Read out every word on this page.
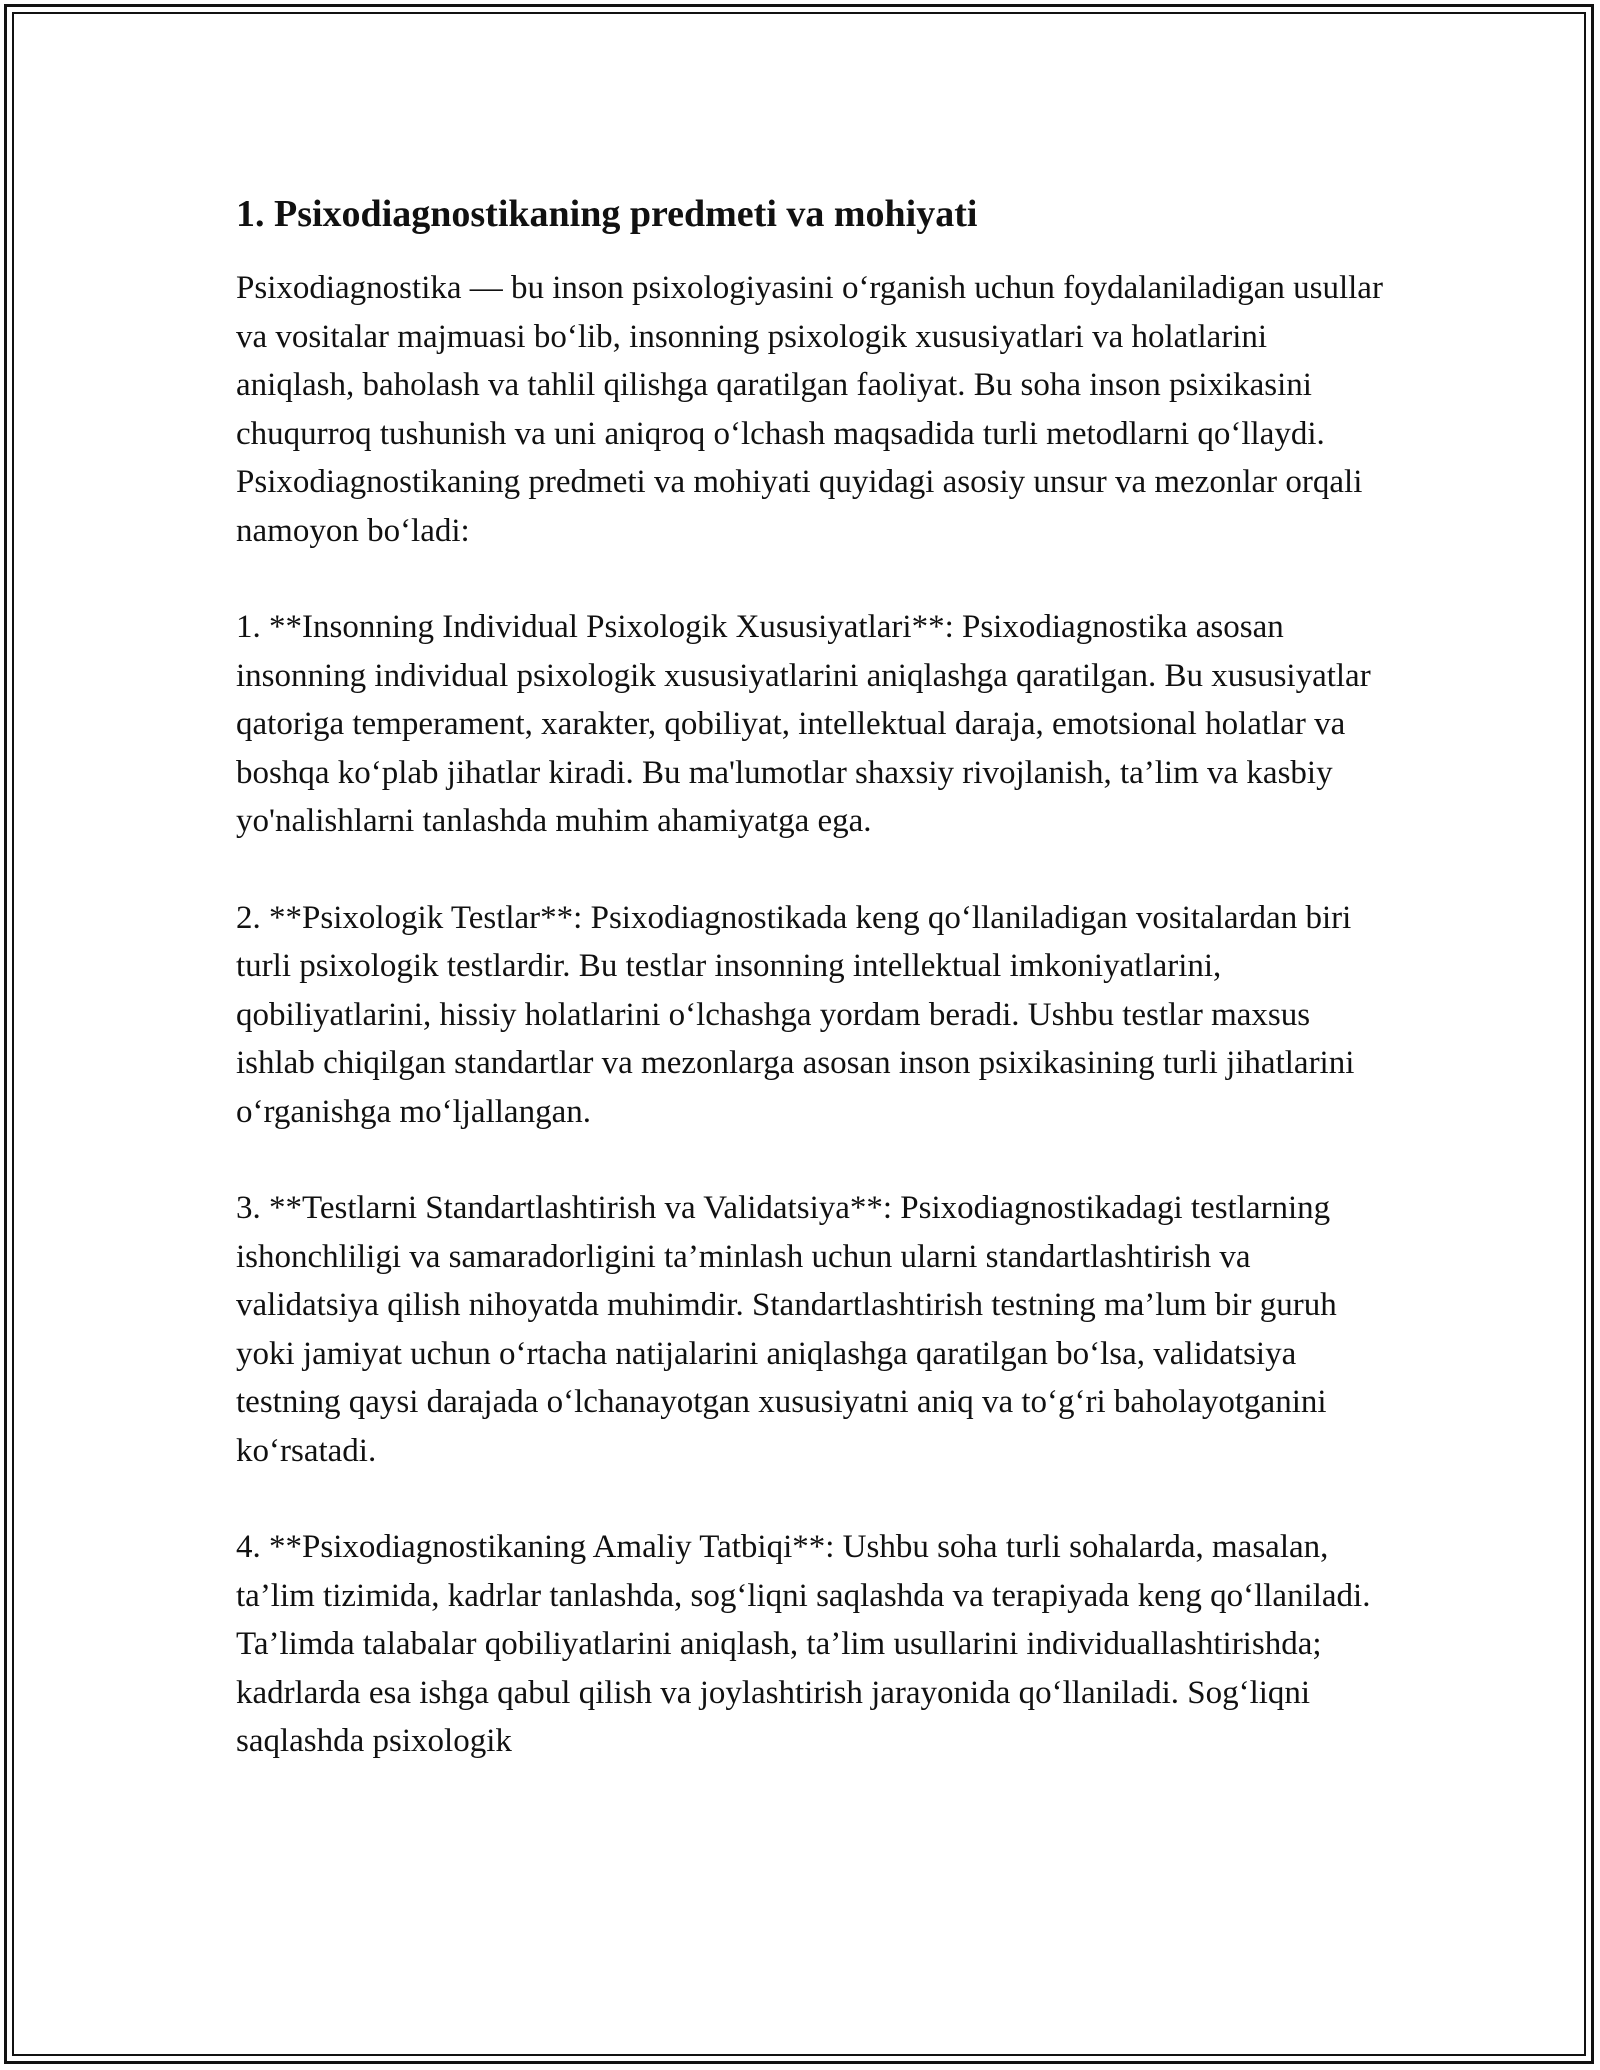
1. Psixodiagnostikaning predmeti va mohiyati

Psixodiagnostika — bu inson psixologiyasini o‘rganish uchun foydalaniladigan usullar va vositalar majmuasi bo‘lib, insonning psixologik xususiyatlari va holatlarini aniqlash, baholash va tahlil qilishga qaratilgan faoliyat. Bu soha inson psixikasini chuqurroq tushunish va uni aniqroq o‘lchash maqsadida turli metodlarni qo‘llaydi. Psixodiagnostikaning predmeti va mohiyati quyidagi asosiy unsur va mezonlar orqali namoyon bo‘ladi:

1. **Insonning Individual Psixologik Xususiyatlari**: Psixodiagnostika asosan insonning individual psixologik xususiyatlarini aniqlashga qaratilgan. Bu xususiyatlar qatoriga temperament, xarakter, qobiliyat, intellektual daraja, emotsional holatlar va boshqa ko‘plab jihatlar kiradi. Bu ma'lumotlar shaxsiy rivojlanish, ta’lim va kasbiy yo'nalishlarni tanlashda muhim ahamiyatga ega.

2. **Psixologik Testlar**: Psixodiagnostikada keng qo‘llaniladigan vositalardan biri turli psixologik testlardir. Bu testlar insonning intellektual imkoniyatlarini, qobiliyatlarini, hissiy holatlarini o‘lchashga yordam beradi. Ushbu testlar maxsus ishlab chiqilgan standartlar va mezonlarga asosan inson psixikasining turli jihatlarini o‘rganishga mo‘ljallangan.

3. **Testlarni Standartlashtirish va Validatsiya**: Psixodiagnostikadagi testlarning ishonchliligi va samaradorligini ta’minlash uchun ularni standartlashtirish va validatsiya qilish nihoyatda muhimdir. Standartlashtirish testning ma’lum bir guruh yoki jamiyat uchun o‘rtacha natijalarini aniqlashga qaratilgan bo‘lsa, validatsiya testning qaysi darajada o‘lchanayotgan xususiyatni aniq va to‘g‘ri baholayotganini ko‘rsatadi.

4. **Psixodiagnostikaning Amaliy Tatbiqi**: Ushbu soha turli sohalarda, masalan, ta’lim tizimida, kadrlar tanlashda, sog‘liqni saqlashda va terapiyada keng qo‘llaniladi. Ta’limda talabalar qobiliyatlarini aniqlash, ta’lim usullarini individuallashtirishda; kadrlarda esa ishga qabul qilish va joylashtirish jarayonida qo‘llaniladi. Sog‘liqni saqlashda psixologik
